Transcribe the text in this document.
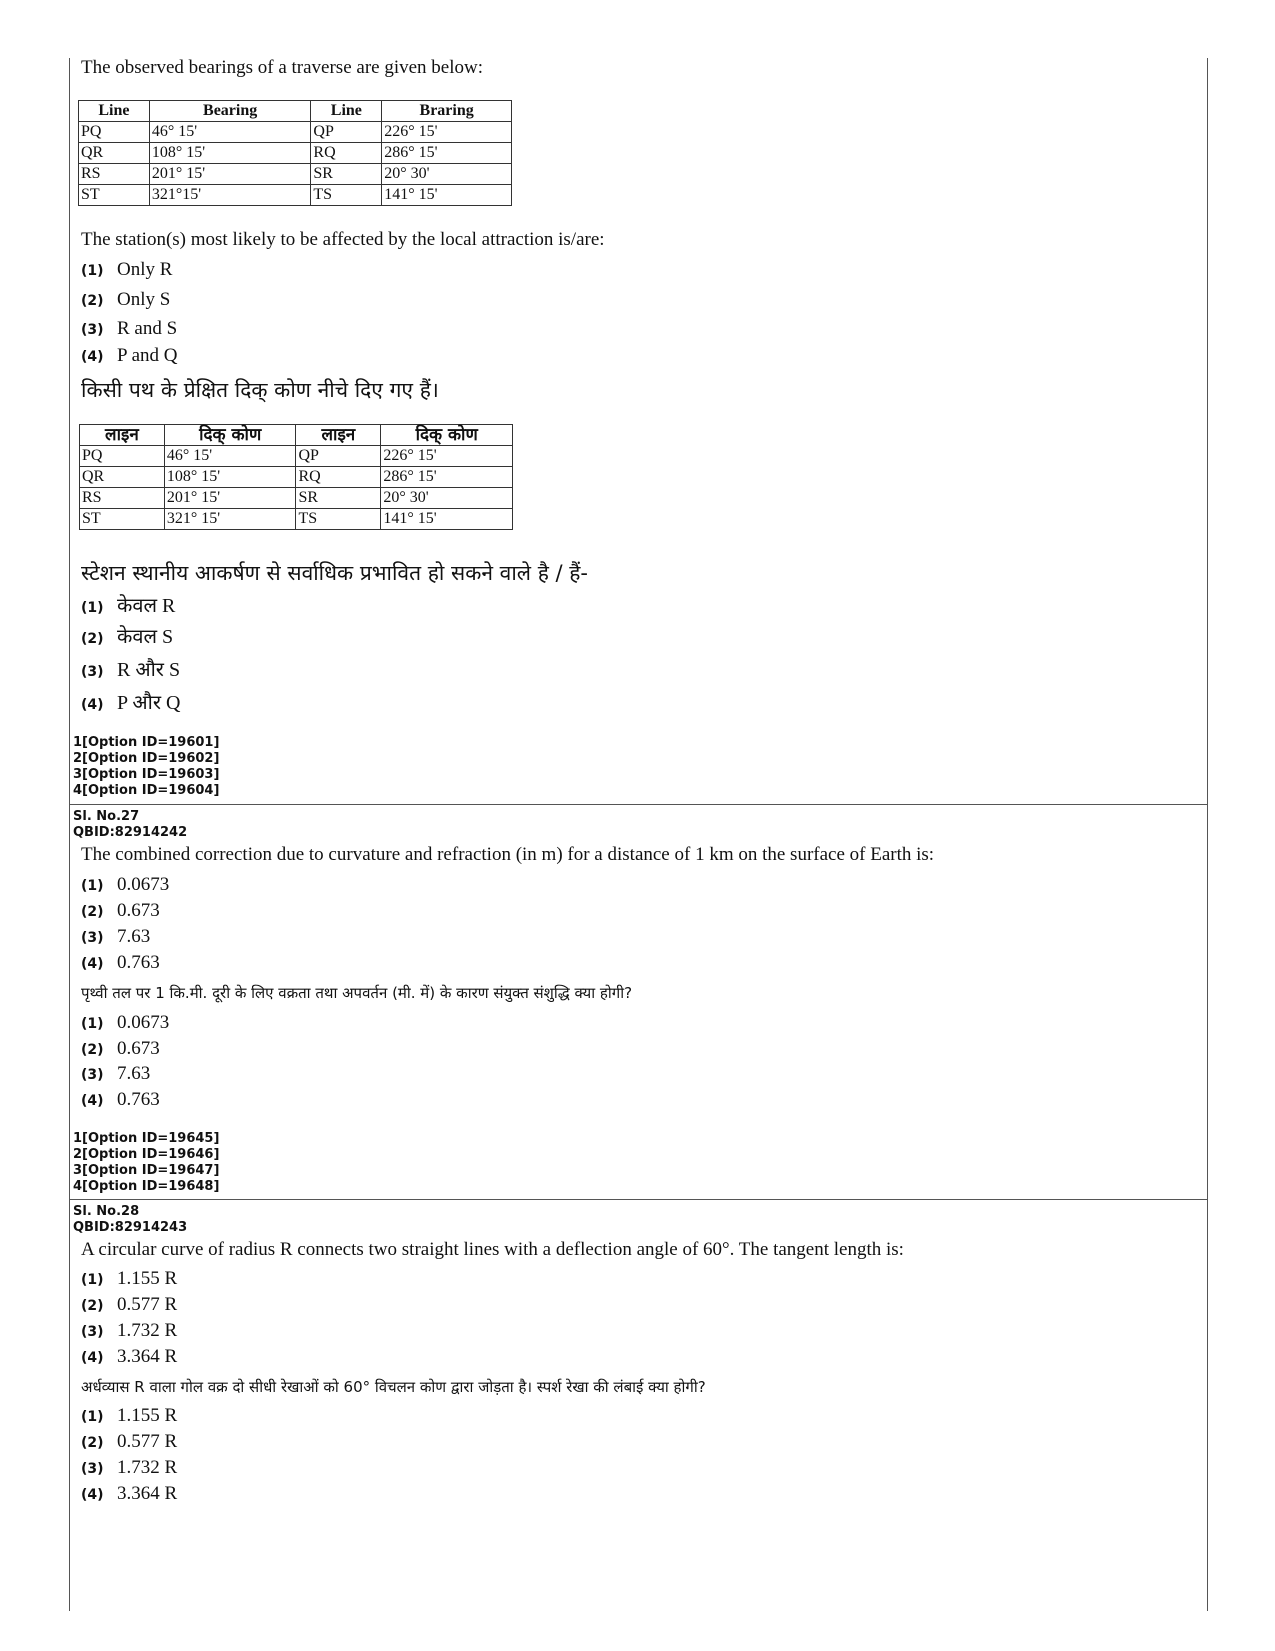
The observed bearings of a traverse are given below:
Line	Bearing	Line	Braring
PQ	46° 15'	QP	226° 15'
QR	108° 15'	RQ	286° 15'
RS	201° 15'	SR	20° 30'
ST	321°15'	TS	141° 15'
The station(s) most likely to be affected by the local attraction is/are:
(1) Only R
(2) Only S
(3) R and S
(4) P and Q
किसी पथ के प्रेक्षित दिक् कोण नीचे दिए गए हैं।
लाइन	दिक् कोण	लाइन	दिक् कोण
PQ	46° 15'	QP	226° 15'
QR	108° 15'	RQ	286° 15'
RS	201° 15'	SR	20° 30'
ST	321° 15'	TS	141° 15'
स्टेशन स्थानीय आकर्षण से सर्वाधिक प्रभावित हो सकने वाले है / हैं-
(1) केवल R
(2) केवल S
(3) R और S
(4) P और Q
1[Option ID=19601]
2[Option ID=19602]
3[Option ID=19603]
4[Option ID=19604]
Sl. No.27
QBID:82914242
The combined correction due to curvature and refraction (in m) for a distance of 1 km on the surface of Earth is:
(1) 0.0673
(2) 0.673
(3) 7.63
(4) 0.763
पृथ्वी तल पर 1 कि.मी. दूरी के लिए वक्रता तथा अपवर्तन (मी. में) के कारण संयुक्त संशुद्धि क्या होगी?
(1) 0.0673
(2) 0.673
(3) 7.63
(4) 0.763
1[Option ID=19645]
2[Option ID=19646]
3[Option ID=19647]
4[Option ID=19648]
Sl. No.28
QBID:82914243
A circular curve of radius R connects two straight lines with a deflection angle of 60°. The tangent length is:
(1) 1.155 R
(2) 0.577 R
(3) 1.732 R
(4) 3.364 R
अर्धव्यास R वाला गोल वक्र दो सीधी रेखाओं को 60° विचलन कोण द्वारा जोड़ता है। स्पर्श रेखा की लंबाई क्या होगी?
(1) 1.155 R
(2) 0.577 R
(3) 1.732 R
(4) 3.364 R
